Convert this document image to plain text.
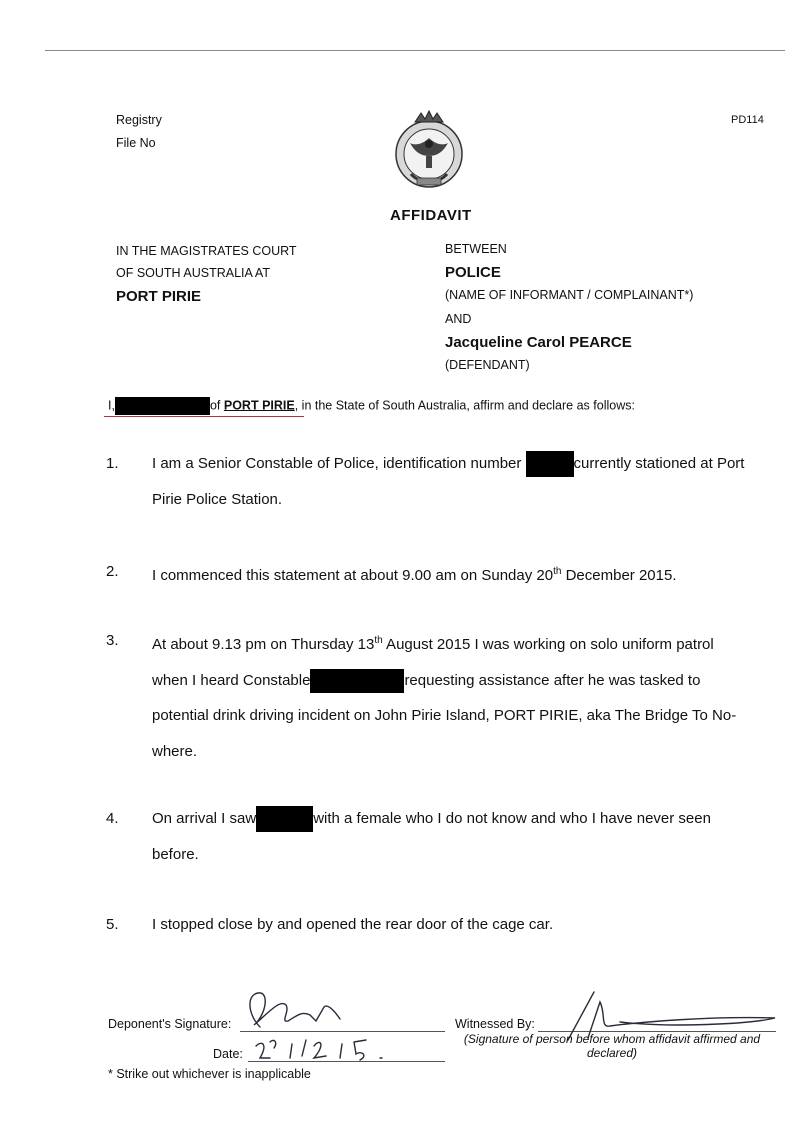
Registry
File No
PD114
AFFIDAVIT
IN THE MAGISTRATES COURT
OF SOUTH AUSTRALIA AT
PORT PIRIE
BETWEEN
POLICE
(NAME OF INFORMANT / COMPLAINANT*)
AND
Jacqueline Carol PEARCE
(DEFENDANT)
I,	of PORT PIRIE, in the State of South Australia, affirm and declare as follows:
1. I am a Senior Constable of Police, identification number	currently stationed at Port
Pirie Police Station.
2. I commenced this statement at about 9.00 am on Sunday 20th December 2015.
3. At about 9.13 pm on Thursday 13th August 2015 I was working on solo uniform patrol
when I heard Constable	requesting assistance after he was tasked to
potential drink driving incident on John Pirie Island, PORT PIRIE, aka The Bridge To No-
where.
4. On arrival I saw	with a female who I do not know and who I have never seen
before.
5. I stopped close by and opened the rear door of the cage car.
Deponent's Signature:
Date:
Witnessed By:
(Signature of person before whom affidavit affirmed and
declared)
* Strike out whichever is inapplicable
